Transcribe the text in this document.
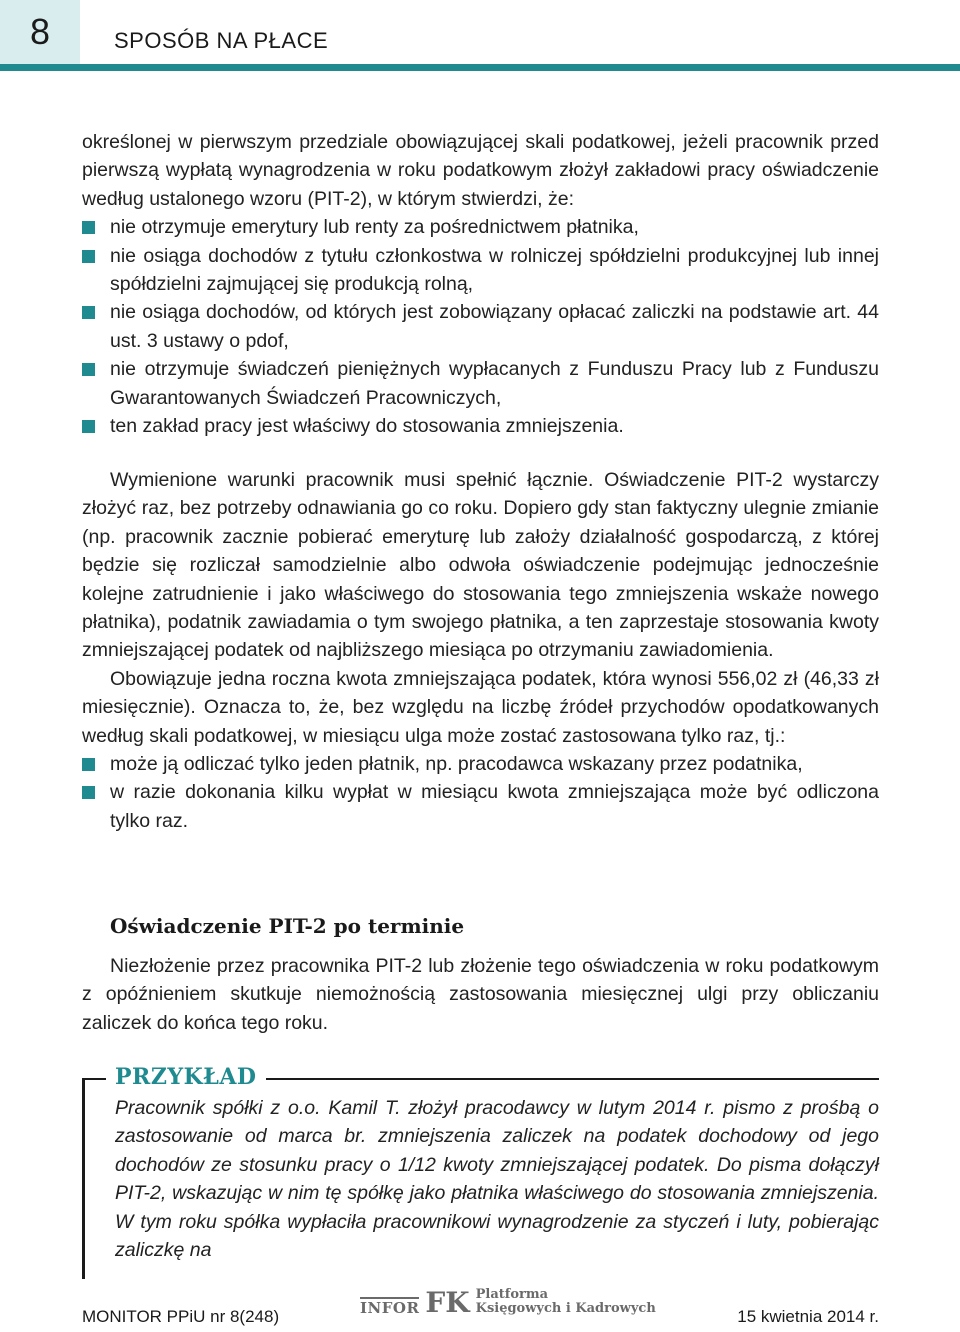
8	SPOSÓB NA PŁACE

określonej w pierwszym przedziale obowiązującej skali podatkowej, jeżeli pracownik przed pierwszą wypłatą wynagrodzenia w roku podatkowym złożył zakładowi pracy oświadczenie według ustalonego wzoru (PIT-2), w którym stwierdzi, że:

nie otrzymuje emerytury lub renty za pośrednictwem płatnika,
nie osiąga dochodów z tytułu członkostwa w rolniczej spółdzielni produkcyjnej lub innej spółdzielni zajmującej się produkcją rolną,
nie osiąga dochodów, od których jest zobowiązany opłacać zaliczki na podstawie art. 44 ust. 3 ustawy o pdof,
nie otrzymuje świadczeń pieniężnych wypłacanych z Funduszu Pracy lub z Funduszu Gwarantowanych Świadczeń Pracowniczych,
ten zakład pracy jest właściwy do stosowania zmniejszenia.

Wymienione warunki pracownik musi spełnić łącznie. Oświadczenie PIT-2 wystarczy złożyć raz, bez potrzeby odnawiania go co roku. Dopiero gdy stan faktyczny ulegnie zmianie (np. pracownik zacznie pobierać emeryturę lub założy działalność gospodarczą, z której będzie się rozliczał samodzielnie albo odwoła oświadczenie podejmując jednocześnie kolejne zatrudnienie i jako właściwego do stosowania tego zmniejszenia wskaże nowego płatnika), podatnik zawiadamia o tym swojego płatnika, a ten zaprzestaje stosowania kwoty zmniejszającej podatek od najbliższego miesiąca po otrzymaniu zawiadomienia.

Obowiązuje jedna roczna kwota zmniejszająca podatek, która wynosi 556,02 zł (46,33 zł miesięcznie). Oznacza to, że, bez względu na liczbę źródeł przychodów opodatkowanych według skali podatkowej, w miesiącu ulga może zostać zastosowana tylko raz, tj.:

może ją odliczać tylko jeden płatnik, np. pracodawca wskazany przez podatnika,
w razie dokonania kilku wypłat w miesiącu kwota zmniejszająca może być odliczona tylko raz.
Oświadczenie PIT-2 po terminie

Niezłożenie przez pracownika PIT-2 lub złożenie tego oświadczenia w roku podatkowym z opóźnieniem skutkuje niemożnością zastosowania miesięcznej ulgi przy obliczaniu zaliczek do końca tego roku.

PRZYKŁAD
Pracownik spółki z o.o. Kamil T. złożył pracodawcy w lutym 2014 r. pismo z prośbą o zastosowanie od marca br. zmniejszenia zaliczek na podatek dochodowy od jego dochodów ze stosunku pracy o 1/12 kwoty zmniejszającej podatek. Do pisma dołączył PIT-2, wskazując w nim tę spółkę jako płatnika właściwego do stosowania zmniejszenia. W tym roku spółka wypłaciła pracownikowi wynagrodzenie za styczeń i luty, pobierając zaliczkę na
MONITOR PPiU nr 8(248)	INFOR FK Platforma
Księgowych i Kadrowych	15 kwietnia 2014 r.
